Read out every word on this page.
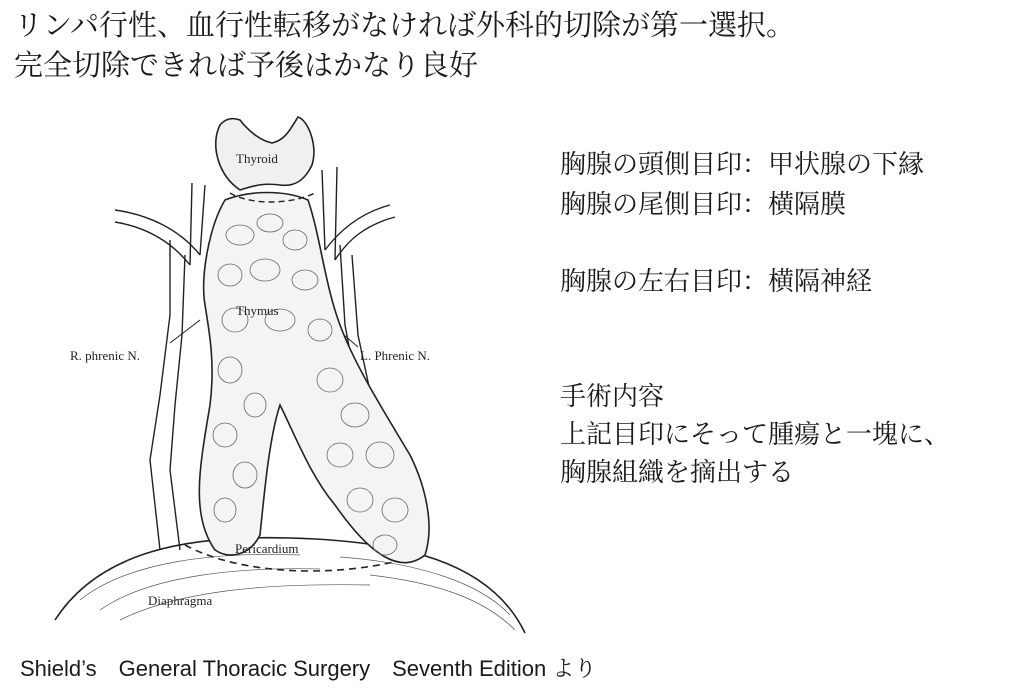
リンパ行性、血行性転移がなければ外科的切除が第一選択。
完全切除できれば予後はかなり良好
Thyroid
Thymus
R. phrenic N.	L. Phrenic N.
Pericardium
Diaphragma
胸腺の頭側目印：甲状腺の下縁
胸腺の尾側目印：横隔膜
胸腺の左右目印：横隔神経
手術内容
上記目印にそって腫瘍と一塊に、
胸腺組織を摘出する
Shield’s　General Thoracic Surgery　Seventh Edition より
